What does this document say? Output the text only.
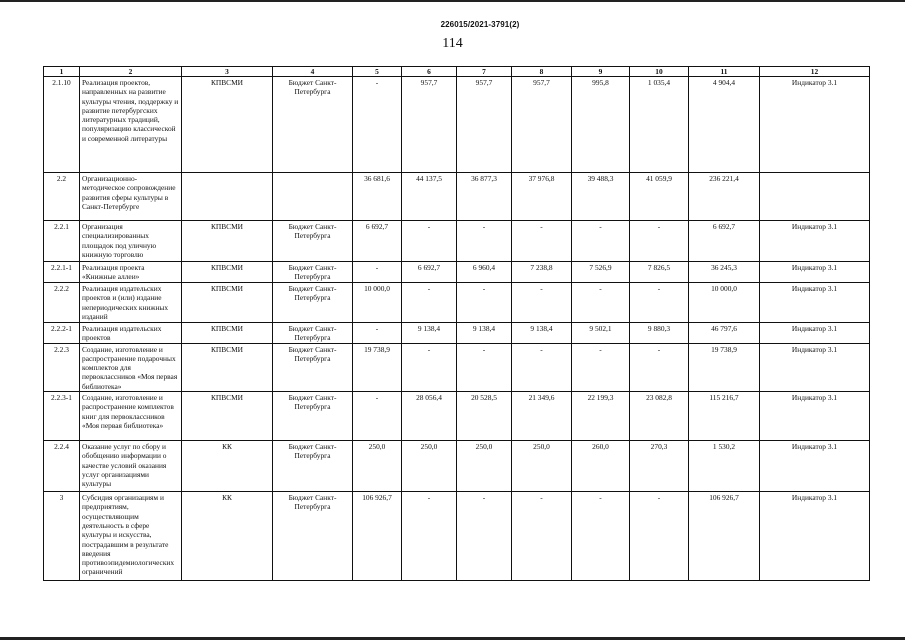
226015/2021-3791(2)
114
1	2	3	4	5	6	7	8	9	10	11	12
2.1.10	Реализация проектов, направленных на развитие культуры чтения, поддержку и развитие петербургских литературных традиций, популяризацию классической и современной литературы	КПВСМИ	Бюджет Санкт-Петербурга	-	957,7	957,7	957,7	995,8	1 035,4	4 904,4	Индикатор 3.1
2.2	Организационно-методическое сопровождение развития сферы культуры в Санкт-Петербурге			36 681,6	44 137,5	36 877,3	37 976,8	39 488,3	41 059,9	236 221,4	
2.2.1	Организация специализированных площадок под уличную книжную торговлю	КПВСМИ	Бюджет Санкт-Петербурга	6 692,7	-	-	-	-	-	6 692,7	Индикатор 3.1
2.2.1-1	Реализация проекта «Книжные аллеи»	КПВСМИ	Бюджет Санкт-Петербурга	-	6 692,7	6 960,4	7 238,8	7 526,9	7 826,5	36 245,3	Индикатор 3.1
2.2.2	Реализация издательских проектов и (или) издание непериодических книжных изданий	КПВСМИ	Бюджет Санкт-Петербурга	10 000,0	-	-	-	-	-	10 000,0	Индикатор 3.1
2.2.2-1	Реализация издательских проектов	КПВСМИ	Бюджет Санкт-Петербурга	-	9 138,4	9 138,4	9 138,4	9 502,1	9 880,3	46 797,6	Индикатор 3.1
2.2.3	Создание, изготовление и распространение подарочных комплектов для первоклассников «Моя первая библиотека»	КПВСМИ	Бюджет Санкт-Петербурга	19 738,9	-	-	-	-	-	19 738,9	Индикатор 3.1
2.2.3-1	Создание, изготовление и распространение комплектов книг для первоклассников «Моя первая библиотека»	КПВСМИ	Бюджет Санкт-Петербурга	-	28 056,4	20 528,5	21 349,6	22 199,3	23 082,8	115 216,7	Индикатор 3.1
2.2.4	Оказание услуг по сбору и обобщению информации о качестве условий оказания услуг организациями культуры	КК	Бюджет Санкт-Петербурга	250,0	250,0	250,0	250,0	260,0	270,3	1 530,2	Индикатор 3.1
3	Субсидия организациям и предприятиям, осуществляющим деятельность в сфере культуры и искусства, пострадавшим в результате введения противоэпидемиологических ограничений	КК	Бюджет Санкт-Петербурга	106 926,7	-	-	-	-	-	106 926,7	Индикатор 3.1
